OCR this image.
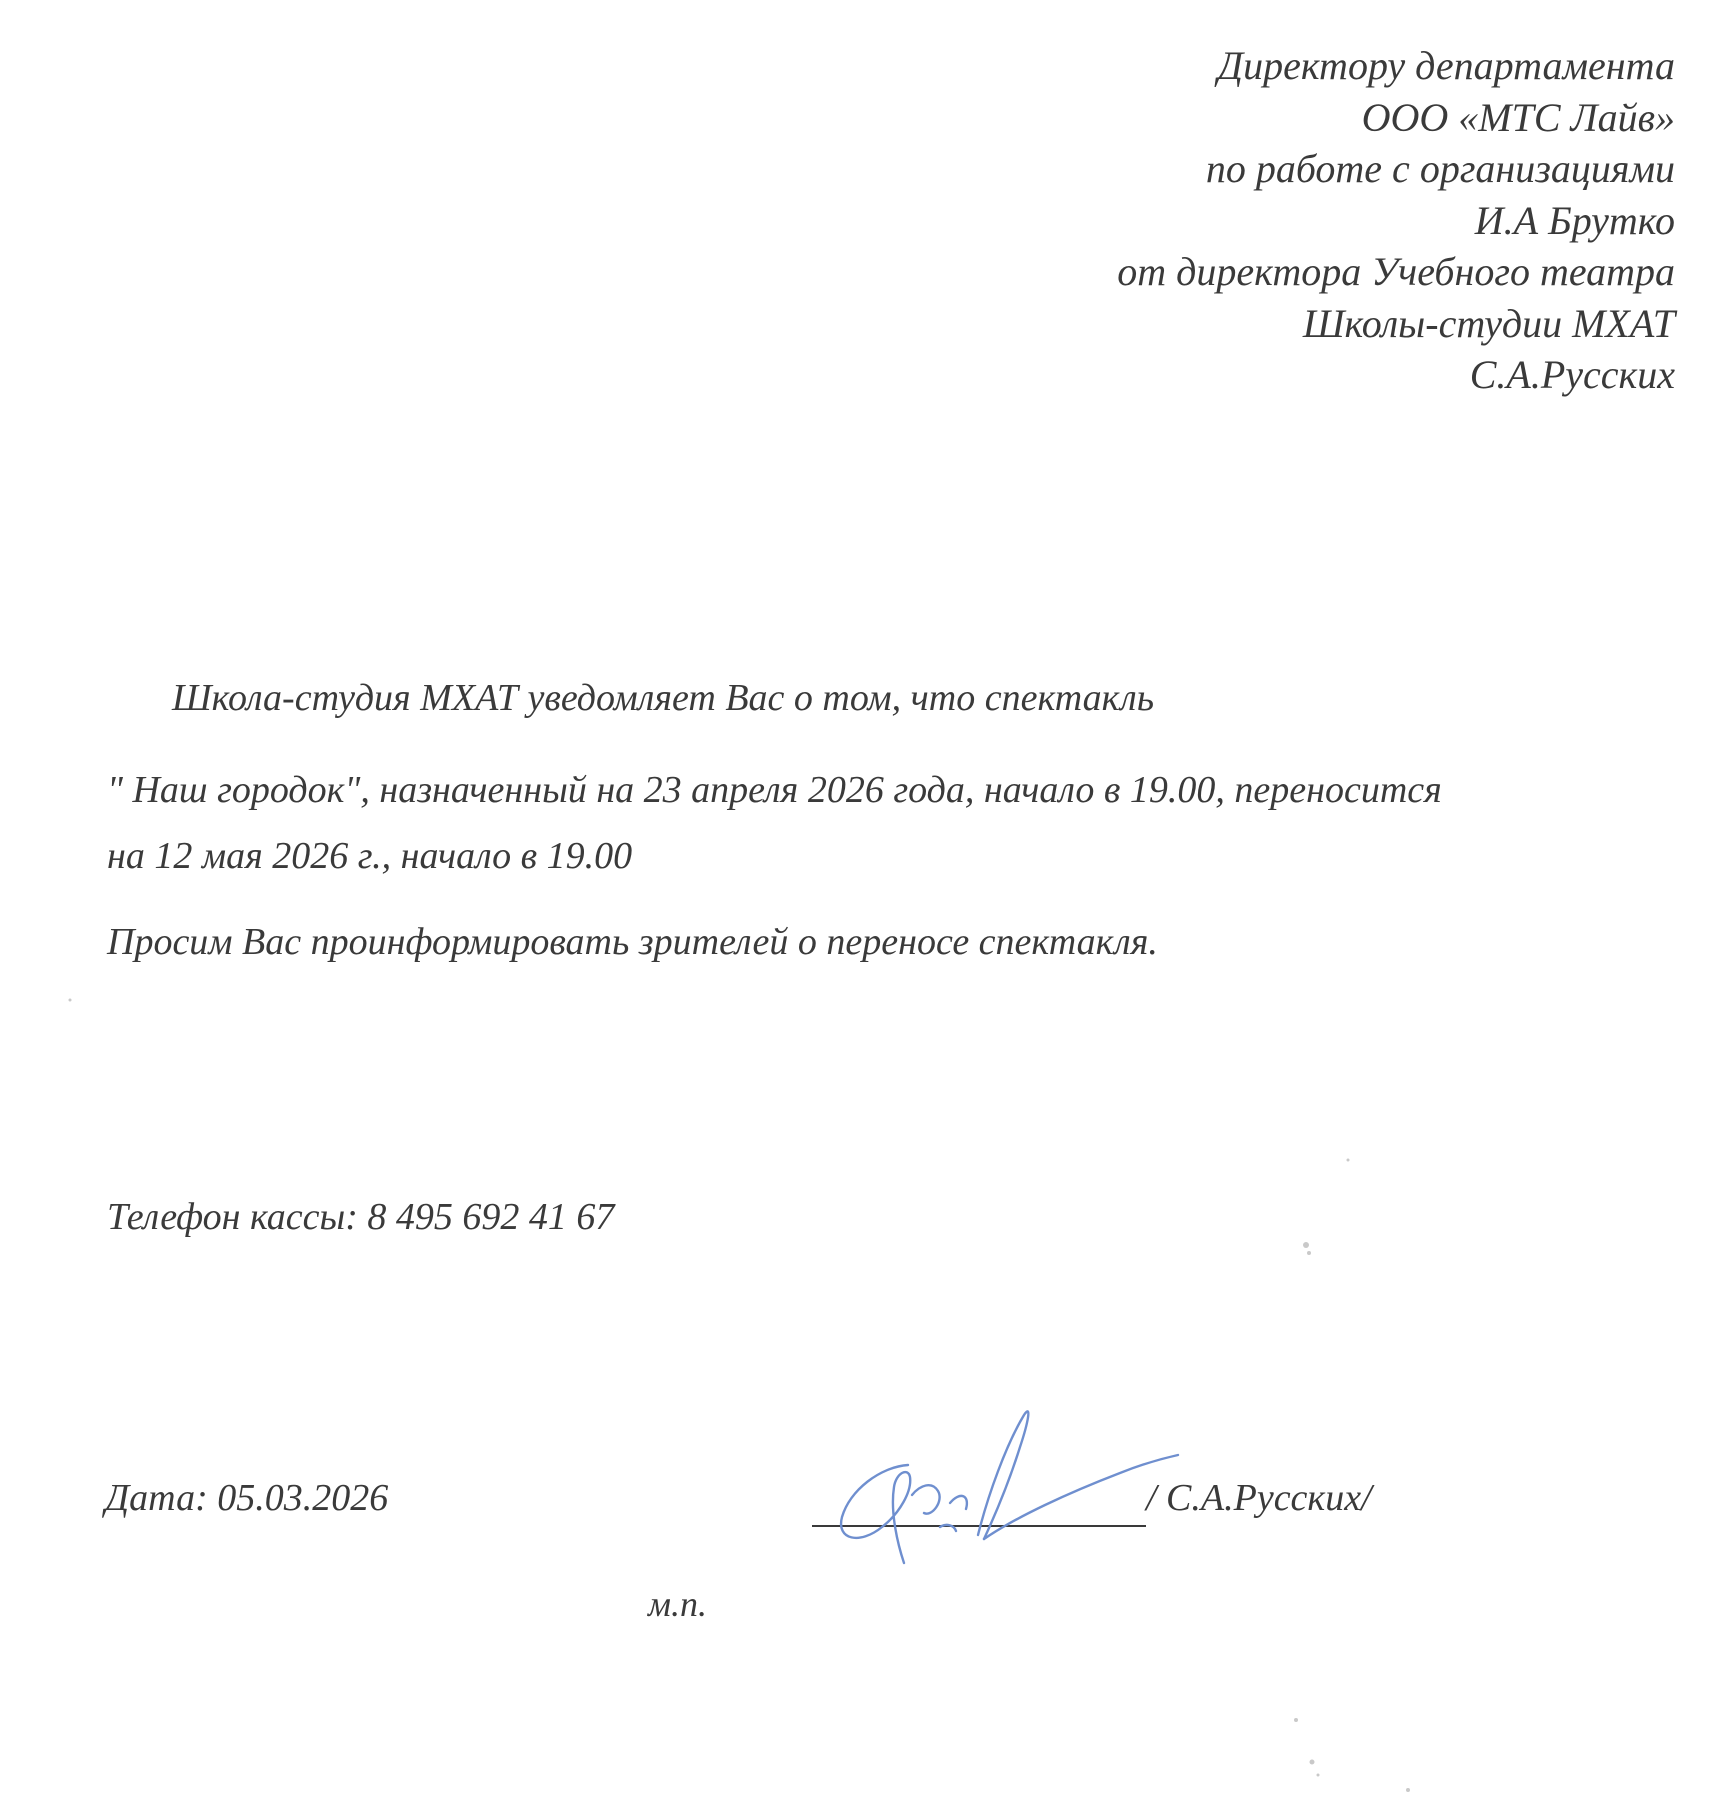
Директору департамента
ООО «МТС Лайв»
по работе с организациями
И.А Брутко
от директора Учебного театра
Школы-студии МХАТ
С.А.Русских
Школа-студия МХАТ уведомляет Вас о том, что спектакль
" Наш городок", назначенный на 23 апреля 2026 года, начало в 19.00, переносится
на 12 мая 2026 г., начало в 19.00
Просим Вас проинформировать зрителей о переносе спектакля.
Телефон кассы: 8 495 692 41 67
Дата: 05.03.2026	/ С.А.Русских/
м.п.
